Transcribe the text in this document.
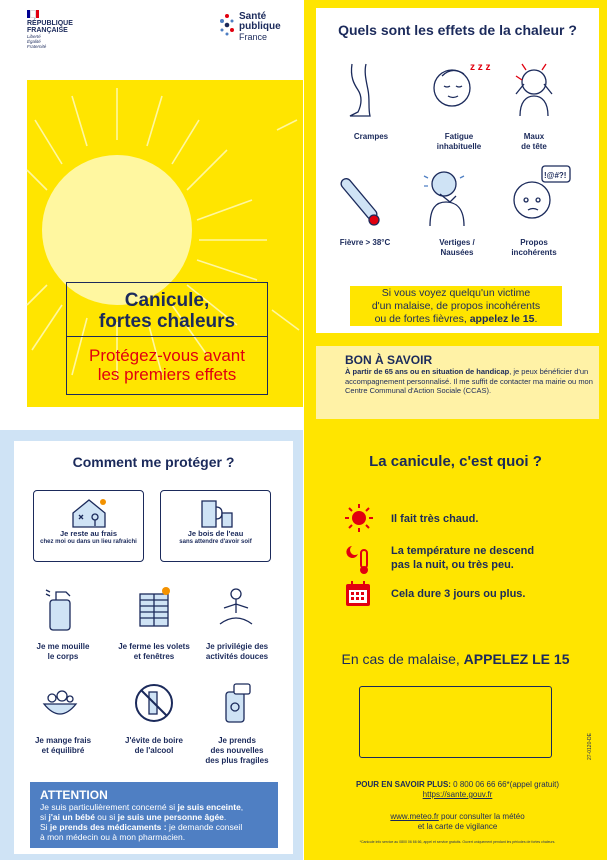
RÉPUBLIQUE
FRANÇAISE
Liberté
Égalité
Fraternité
Santé
publique
France
Canicule,
fortes chaleurs
Protégez-vous avant
les premiers effets
Quels sont les effets de la chaleur ?
z z z
Crampes	Fatigue
inhabituelle
Maux
de tête
!@#?!
Fièvre > 38°C	Vertiges /
Nausées
Propos
incohérents
Si vous voyez quelqu'un victime
d'un malaise, de propos incohérents
ou de fortes fièvres, appelez le 15.
BON À SAVOIR
À partir de 65 ans ou en situation de handicap, je peux bénéficier d'un accompagnement personnalisé. Il me suffit de contacter ma mairie ou mon Centre Communal d'Action Sociale (CCAS).
Comment me protéger ?
Je reste au frais
chez moi ou dans un lieu rafraîchi
Je bois de l'eau
sans attendre d'avoir soif
Je me mouille
le corps
Je ferme les volets
et fenêtres
Je privilégie des
activités douces
Je mange frais
et équilibré
J'évite de boire
de l'alcool
Je prends
des nouvelles
des plus fragiles
ATTENTION
Je suis particulièrement concerné si je suis enceinte,
si j'ai un bébé ou si je suis une personne âgée.
Si je prends des médicaments : je demande conseil
à mon médecin ou à mon pharmacien.
La canicule, c'est quoi ?
Il fait très chaud.
La température ne descend
pas la nuit, ou très peu.
Cela dure 3 jours ou plus.
En cas de malaise, APPELEZ LE 15
27-0120-DE
POUR EN SAVOIR PLUS: 0 800 06 66 66*(appel gratuit)
https://sante.gouv.fr
www.meteo.fr pour consulter la météo
et la carte de vigilance
*Canicule info service au 0800 06 66 66, appel et service gratuits. Ouvert uniquement pendant les périodes de fortes chaleurs.
